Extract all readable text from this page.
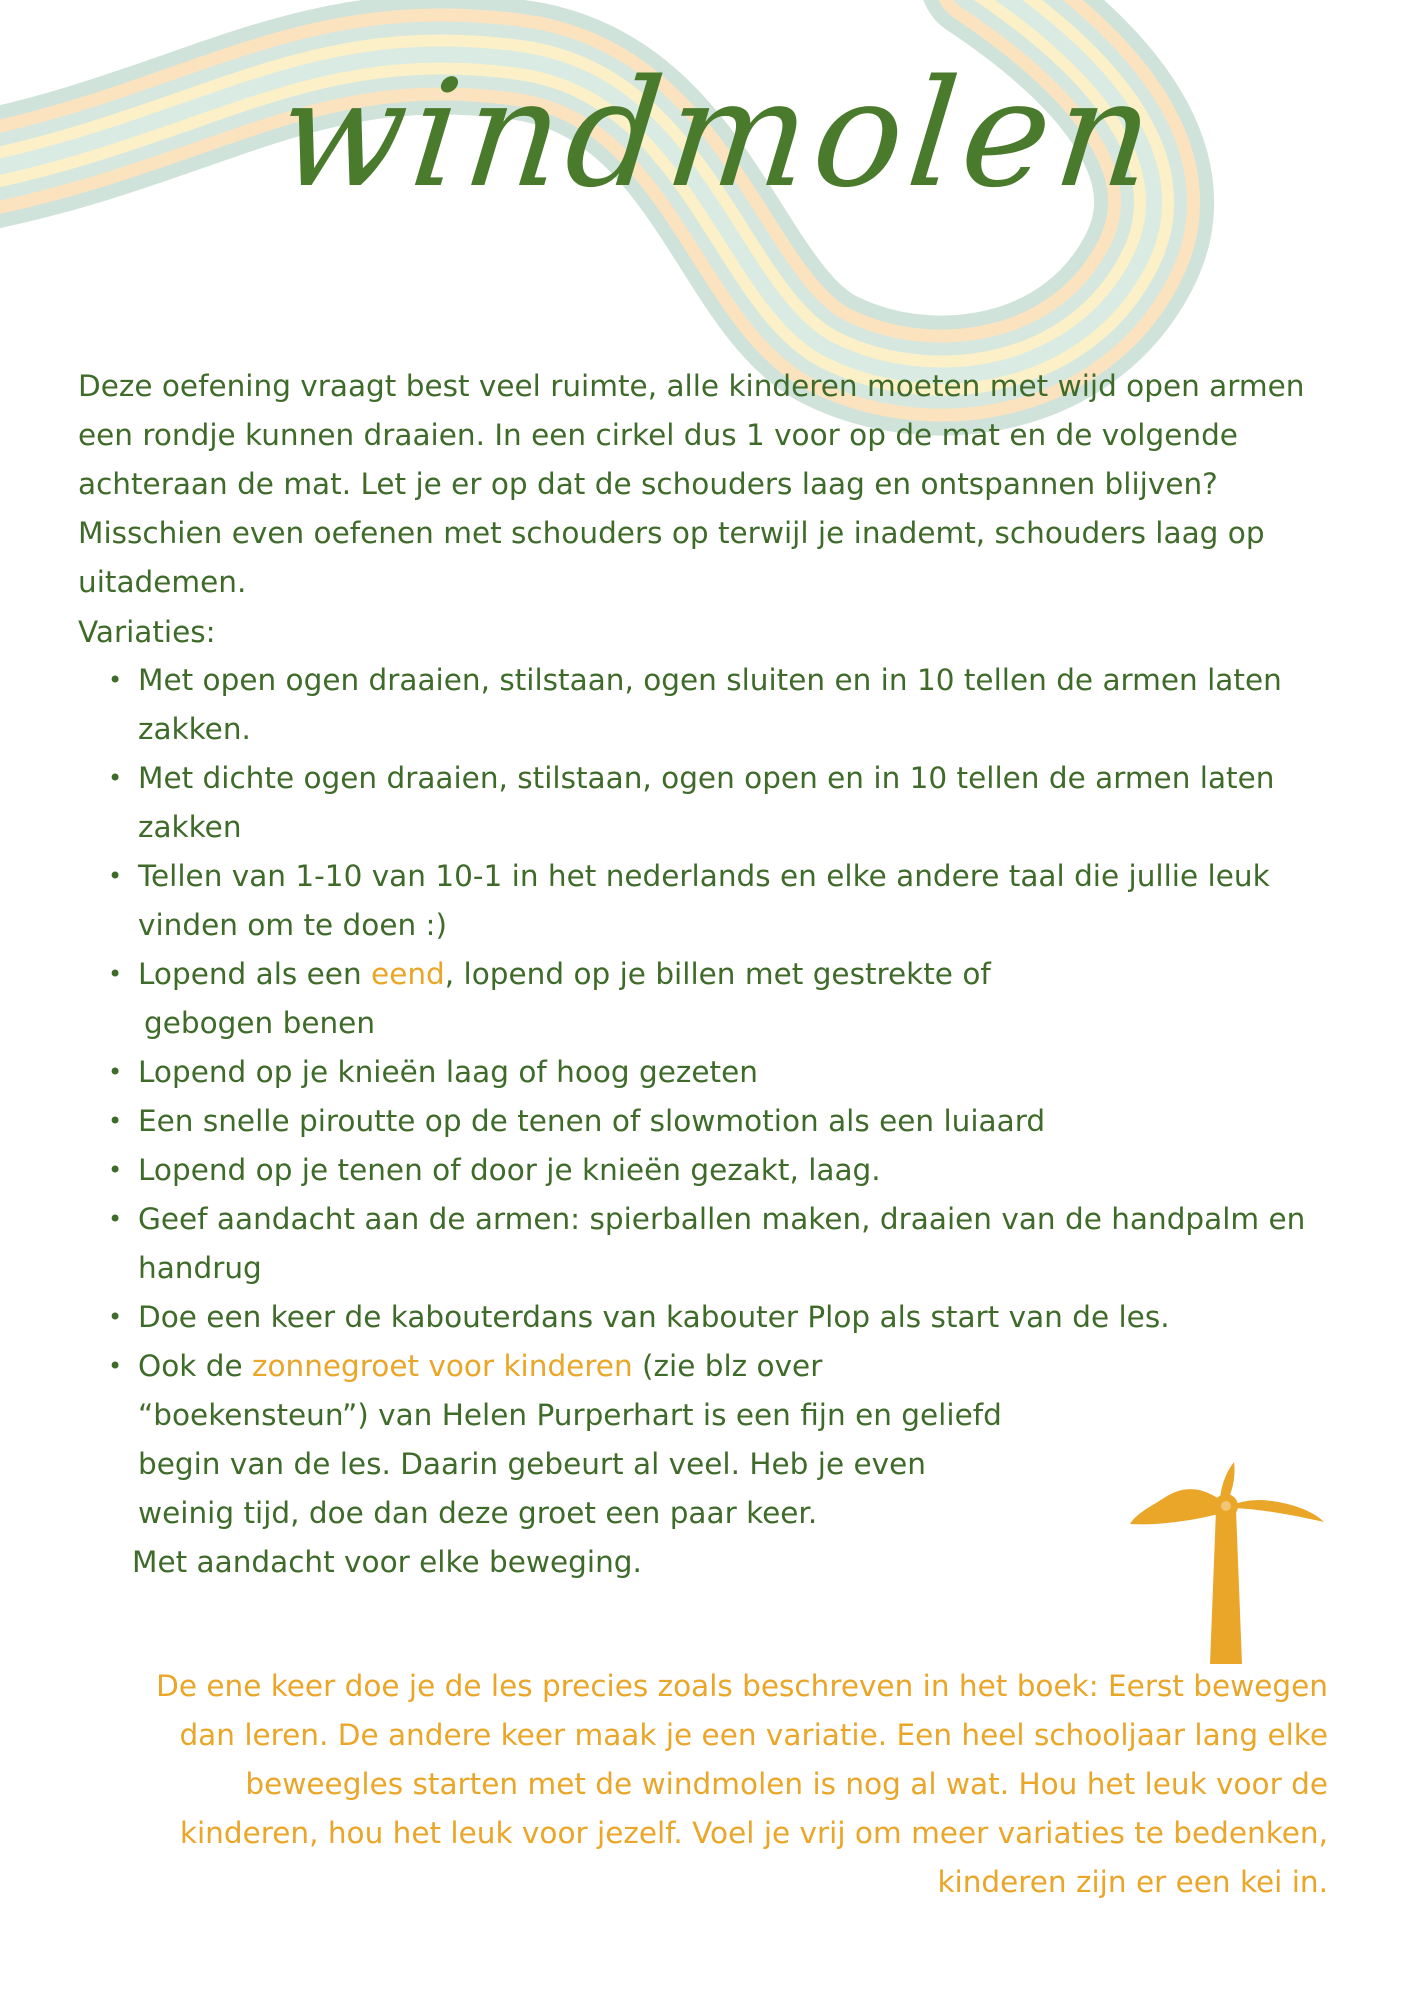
windmolen

Deze oefening vraagt best veel ruimte, alle kinderen moeten met wijd open armen een rondje kunnen draaien. In een cirkel dus 1 voor op de mat en de volgende achteraan de mat. Let je er op dat de schouders laag en ontspannen blijven? Misschien even oefenen met schouders op terwijl je inademt, schouders laag op uitademen.

Variaties:

• Met open ogen draaien, stilstaan, ogen sluiten en in 10 tellen de armen laten zakken.
• Met dichte ogen draaien, stilstaan, ogen open en in 10 tellen de armen laten zakken
• Tellen van 1-10 van 10-1 in het nederlands en elke andere taal die jullie leuk vinden om te doen :)
• Lopend als een eend, lopend op je billen met gestrekte of
gebogen benen
• Lopend op je knieën laag of hoog gezeten
• Een snelle piroutte op de tenen of slowmotion als een luiaard
• Lopend op je tenen of door je knieën gezakt, laag.
• Geef aandacht aan de armen: spierballen maken, draaien van de handpalm en handrug
• Doe een keer de kabouterdans van kabouter Plop als start van de les.
• Ook de zonnegroet voor kinderen (zie blz over “boekensteun”) van Helen Purperhart is een fijn en geliefd begin van de les. Daarin gebeurt al veel. Heb je even weinig tijd, doe dan deze groet een paar keer.
Met aandacht voor elke beweging.

De ene keer doe je de les precies zoals beschreven in het boek: Eerst bewegen dan leren. De andere keer maak je een variatie. Een heel schooljaar lang elke beweegles starten met de windmolen is nog al wat. Hou het leuk voor de kinderen, hou het leuk voor jezelf. Voel je vrij om meer variaties te bedenken, kinderen zijn er een kei in.
